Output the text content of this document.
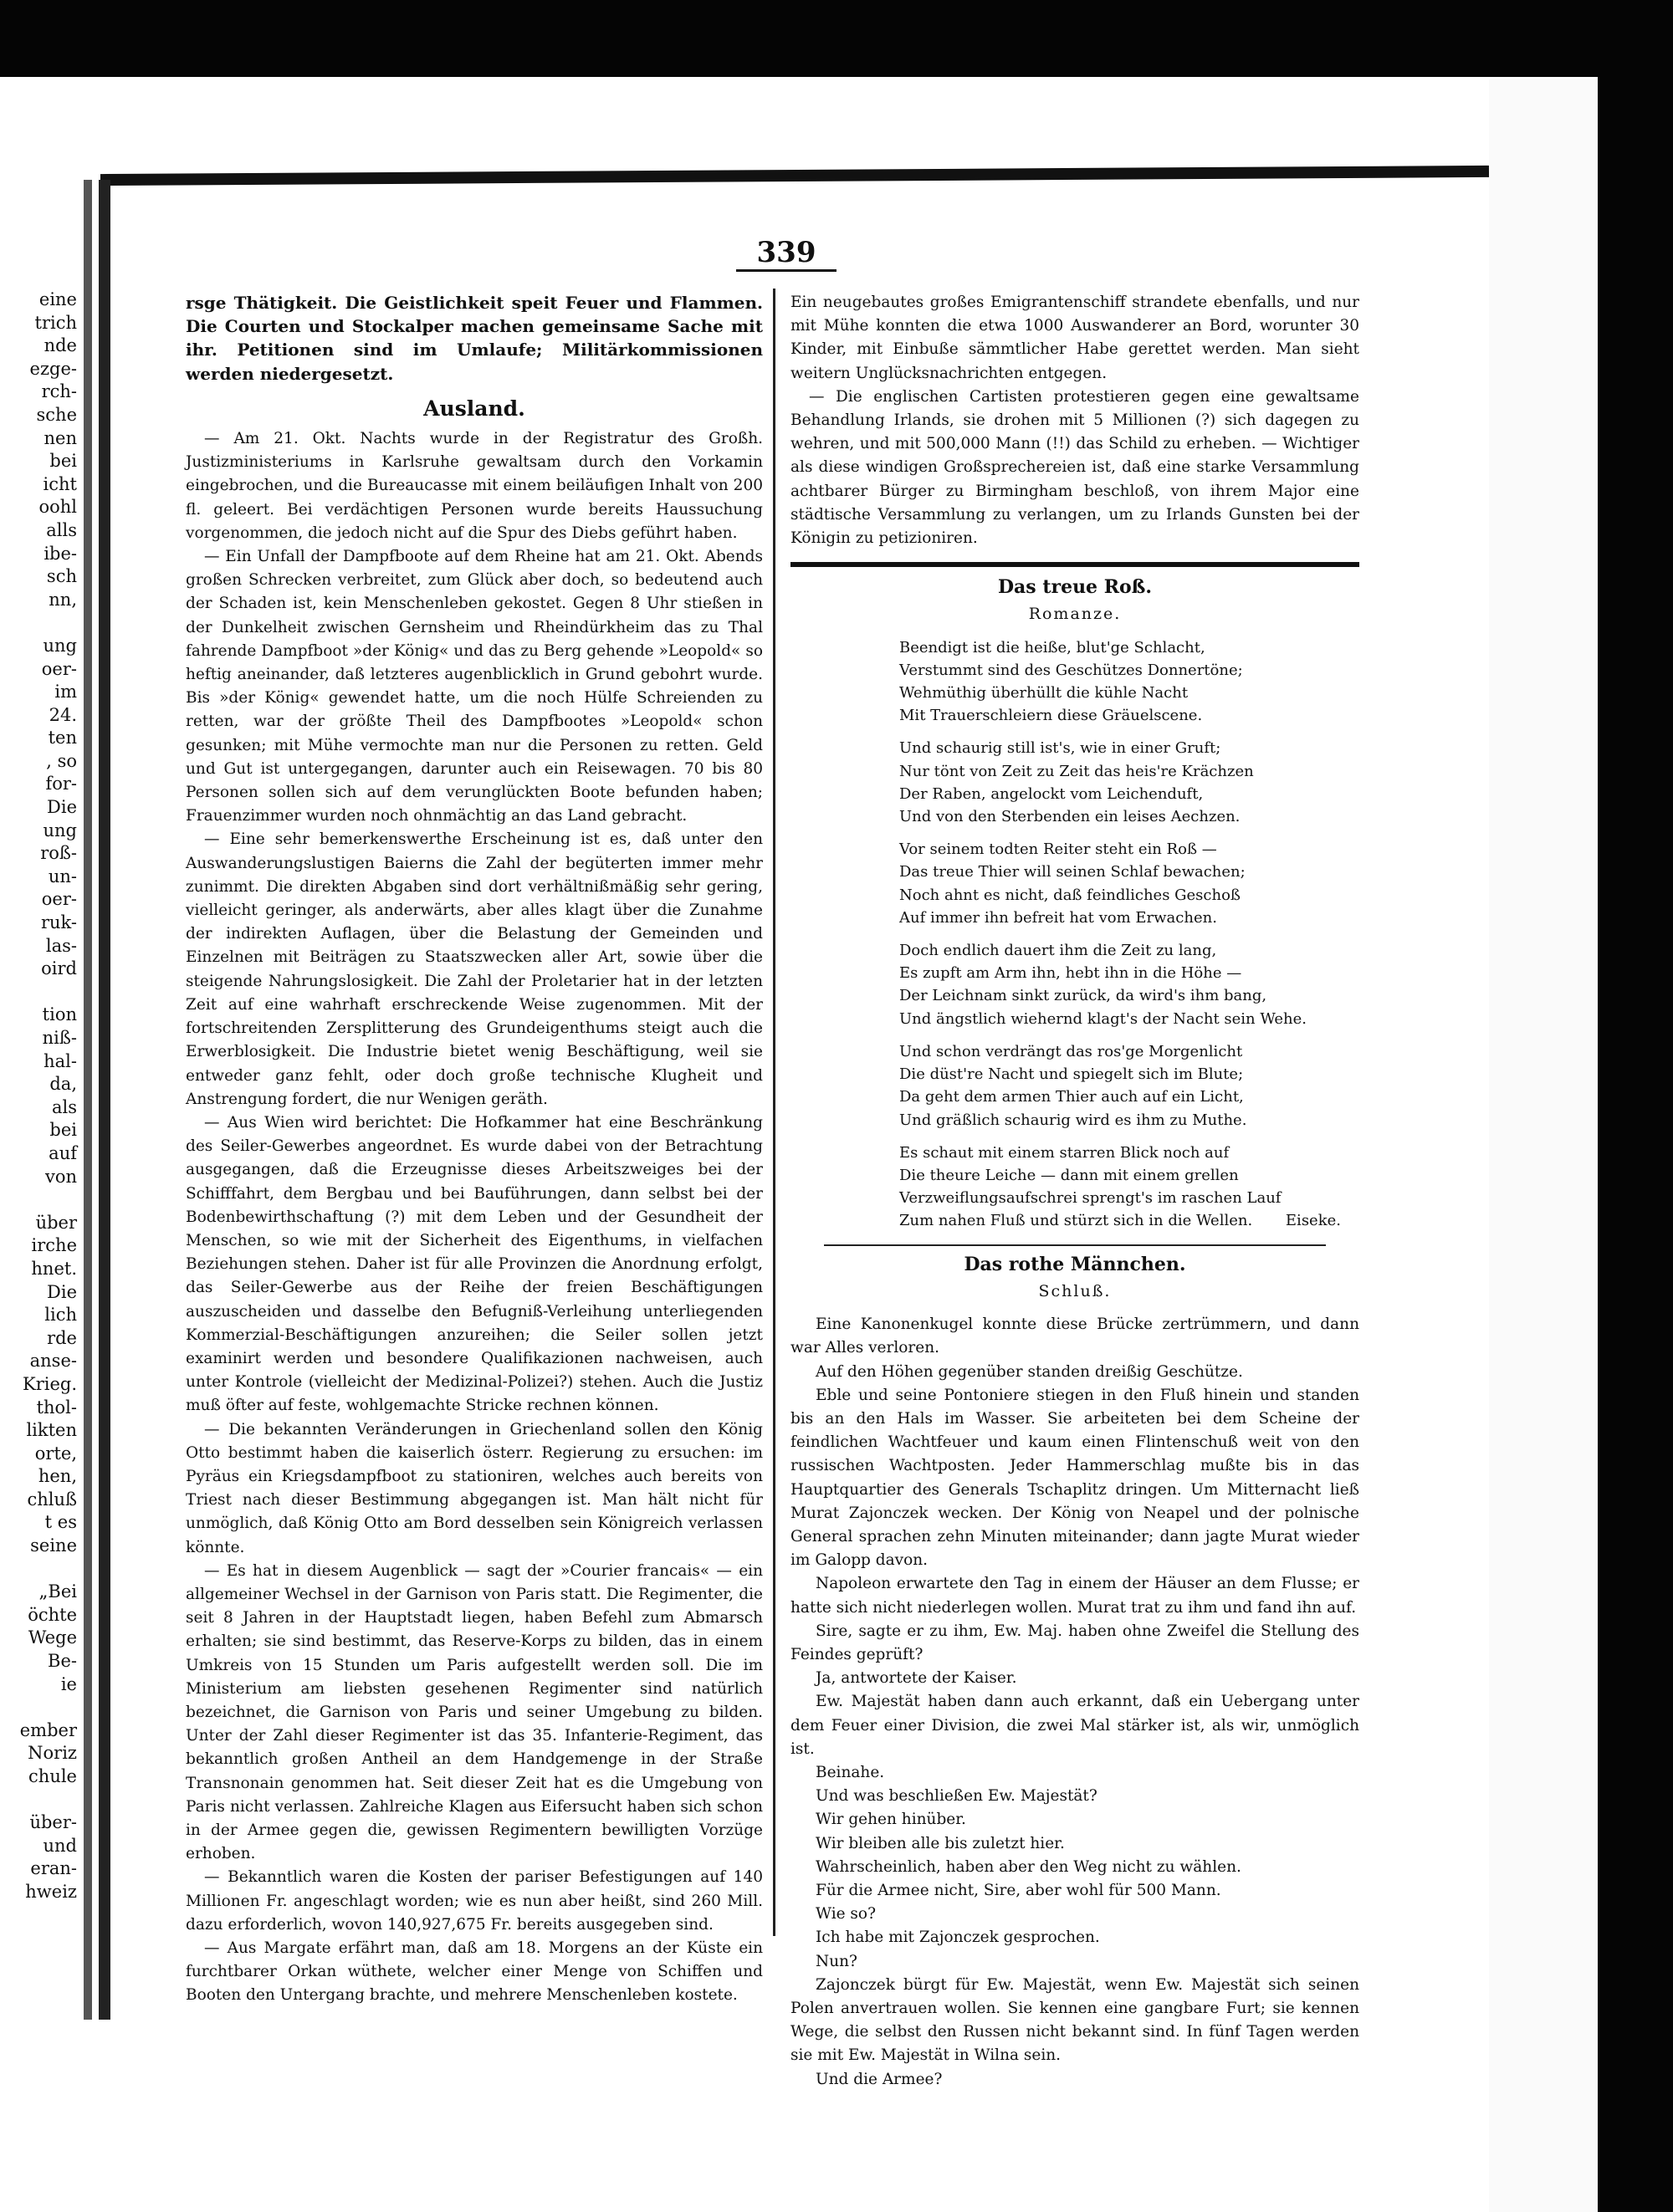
eine
trich
nde
ezge-
rch-
sche
nen
bei
icht
oohl
alls
ibe-
sch
nn,

ung
oer-
im
24.
ten
, so
for-
Die
ung
roß-
un-
oer-
ruk-
las-
oird

tion
niß-
hal-
da,
als
bei
auf
von

über
irche
hnet.
Die
lich
rde
anse-
Krieg.
thol-
likten
orte,
hen,
chluß
t es
seine

„Bei
öchte
Wege
Be-
ie

ember
Noriz
chule

über-
und
eran-
hweiz
339

rsge Thätigkeit. Die Geistlichkeit speit Feuer und Flammen. Die Courten und Stockalper machen gemeinsame Sache mit ihr. Petitionen sind im Umlaufe; Militärkommissionen werden niedergesetzt.

Ausland.

— Am 21. Okt. Nachts wurde in der Registratur des Großh. Justizministeriums in Karlsruhe gewaltsam durch den Vorkamin eingebrochen, und die Bureaucasse mit einem beiläufigen Inhalt von 200 fl. geleert. Bei verdächtigen Personen wurde bereits Haussuchung vorgenommen, die jedoch nicht auf die Spur des Diebs geführt haben.

— Ein Unfall der Dampfboote auf dem Rheine hat am 21. Okt. Abends großen Schrecken verbreitet, zum Glück aber doch, so bedeutend auch der Schaden ist, kein Menschenleben gekostet. Gegen 8 Uhr stießen in der Dunkelheit zwischen Gernsheim und Rheindürkheim das zu Thal fahrende Dampfboot »der König« und das zu Berg gehende »Leopold« so heftig aneinander, daß letzteres augenblicklich in Grund gebohrt wurde. Bis »der König« gewendet hatte, um die noch Hülfe Schreienden zu retten, war der größte Theil des Dampfbootes »Leopold« schon gesunken; mit Mühe vermochte man nur die Personen zu retten. Geld und Gut ist untergegangen, darunter auch ein Reisewagen. 70 bis 80 Personen sollen sich auf dem verunglückten Boote befunden haben; Frauenzimmer wurden noch ohnmächtig an das Land gebracht.

— Eine sehr bemerkenswerthe Erscheinung ist es, daß unter den Auswanderungslustigen Baierns die Zahl der begüterten immer mehr zunimmt. Die direkten Abgaben sind dort verhältnißmäßig sehr gering, vielleicht geringer, als anderwärts, aber alles klagt über die Zunahme der indirekten Auflagen, über die Belastung der Gemeinden und Einzelnen mit Beiträgen zu Staatszwecken aller Art, sowie über die steigende Nahrungslosigkeit. Die Zahl der Proletarier hat in der letzten Zeit auf eine wahrhaft erschreckende Weise zugenommen. Mit der fortschreitenden Zersplitterung des Grundeigenthums steigt auch die Erwerblosigkeit. Die Industrie bietet wenig Beschäftigung, weil sie entweder ganz fehlt, oder doch große technische Klugheit und Anstrengung fordert, die nur Wenigen geräth.

— Aus Wien wird berichtet: Die Hofkammer hat eine Beschränkung des Seiler-Gewerbes angeordnet. Es wurde dabei von der Betrachtung ausgegangen, daß die Erzeugnisse dieses Arbeitszweiges bei der Schifffahrt, dem Bergbau und bei Bauführungen, dann selbst bei der Bodenbewirthschaftung (?) mit dem Leben und der Gesundheit der Menschen, so wie mit der Sicherheit des Eigenthums, in vielfachen Beziehungen stehen. Daher ist für alle Provinzen die Anordnung erfolgt, das Seiler-Gewerbe aus der Reihe der freien Beschäftigungen auszuscheiden und dasselbe den Befugniß-Verleihung unterliegenden Kommerzial-Beschäftigungen anzureihen; die Seiler sollen jetzt examinirt werden und besondere Qualifikazionen nachweisen, auch unter Kontrole (vielleicht der Medizinal-Polizei?) stehen. Auch die Justiz muß öfter auf feste, wohlgemachte Stricke rechnen können.

— Die bekannten Veränderungen in Griechenland sollen den König Otto bestimmt haben die kaiserlich österr. Regierung zu ersuchen: im Pyräus ein Kriegsdampfboot zu stationiren, welches auch bereits von Triest nach dieser Bestimmung abgegangen ist. Man hält nicht für unmöglich, daß König Otto am Bord desselben sein Königreich verlassen könnte.

— Es hat in diesem Augenblick — sagt der »Courier francais« — ein allgemeiner Wechsel in der Garnison von Paris statt. Die Regimenter, die seit 8 Jahren in der Hauptstadt liegen, haben Befehl zum Abmarsch erhalten; sie sind bestimmt, das Reserve-Korps zu bilden, das in einem Umkreis von 15 Stunden um Paris aufgestellt werden soll. Die im Ministerium am liebsten gesehenen Regimenter sind natürlich bezeichnet, die Garnison von Paris und seiner Umgebung zu bilden. Unter der Zahl dieser Regimenter ist das 35. Infanterie-Regiment, das bekanntlich großen Antheil an dem Handgemenge in der Straße Transnonain genommen hat. Seit dieser Zeit hat es die Umgebung von Paris nicht verlassen. Zahlreiche Klagen aus Eifersucht haben sich schon in der Armee gegen die, gewissen Regimentern bewilligten Vorzüge erhoben.

— Bekanntlich waren die Kosten der pariser Befestigungen auf 140 Millionen Fr. angeschlagt worden; wie es nun aber heißt, sind 260 Mill. dazu erforderlich, wovon 140,927,675 Fr. bereits ausgegeben sind.

— Aus Margate erfährt man, daß am 18. Morgens an der Küste ein furchtbarer Orkan wüthete, welcher einer Menge von Schiffen und Booten den Untergang brachte, und mehrere Menschenleben kostete.

Ein neugebautes großes Emigrantenschiff strandete ebenfalls, und nur mit Mühe konnten die etwa 1000 Auswanderer an Bord, worunter 30 Kinder, mit Einbuße sämmtlicher Habe gerettet werden. Man sieht weitern Unglücksnachrichten entgegen.

— Die englischen Cartisten protestieren gegen eine gewaltsame Behandlung Irlands, sie drohen mit 5 Millionen (?) sich dagegen zu wehren, und mit 500,000 Mann (!!) das Schild zu erheben. — Wichtiger als diese windigen Großsprechereien ist, daß eine starke Versammlung achtbarer Bürger zu Birmingham beschloß, von ihrem Major eine städtische Versammlung zu verlangen, um zu Irlands Gunsten bei der Königin zu petizioniren.

Das treue Roß.
Romanze.
Beendigt ist die heiße, blut'ge Schlacht,
Verstummt sind des Geschützes Donnertöne;
Wehmüthig überhüllt die kühle Nacht
Mit Trauerschleiern diese Gräuelscene.
Und schaurig still ist's, wie in einer Gruft;
Nur tönt von Zeit zu Zeit das heis're Krächzen
Der Raben, angelockt vom Leichenduft,
Und von den Sterbenden ein leises Aechzen.
Vor seinem todten Reiter steht ein Roß —
Das treue Thier will seinen Schlaf bewachen;
Noch ahnt es nicht, daß feindliches Geschoß
Auf immer ihn befreit hat vom Erwachen.
Doch endlich dauert ihm die Zeit zu lang,
Es zupft am Arm ihn, hebt ihn in die Höhe —
Der Leichnam sinkt zurück, da wird's ihm bang,
Und ängstlich wiehernd klagt's der Nacht sein Wehe.
Und schon verdrängt das ros'ge Morgenlicht
Die düst're Nacht und spiegelt sich im Blute;
Da geht dem armen Thier auch auf ein Licht,
Und gräßlich schaurig wird es ihm zu Muthe.
Es schaut mit einem starren Blick noch auf
Die theure Leiche — dann mit einem grellen
Verzweiflungsaufschrei sprengt's im raschen Lauf
Zum nahen Fluß und stürzt sich in die Wellen.	Eiseke.
Das rothe Männchen.
Schluß.

Eine Kanonenkugel konnte diese Brücke zertrümmern, und dann war Alles verloren.

Auf den Höhen gegenüber standen dreißig Geschütze.

Eble und seine Pontoniere stiegen in den Fluß hinein und standen bis an den Hals im Wasser. Sie arbeiteten bei dem Scheine der feindlichen Wachtfeuer und kaum einen Flintenschuß weit von den russischen Wachtposten. Jeder Hammerschlag mußte bis in das Hauptquartier des Generals Tschaplitz dringen. Um Mitternacht ließ Murat Zajonczek wecken. Der König von Neapel und der polnische General sprachen zehn Minuten miteinander; dann jagte Murat wieder im Galopp davon.

Napoleon erwartete den Tag in einem der Häuser an dem Flusse; er hatte sich nicht niederlegen wollen. Murat trat zu ihm und fand ihn auf.

Sire, sagte er zu ihm, Ew. Maj. haben ohne Zweifel die Stellung des Feindes geprüft?

Ja, antwortete der Kaiser.

Ew. Majestät haben dann auch erkannt, daß ein Uebergang unter dem Feuer einer Division, die zwei Mal stärker ist, als wir, unmöglich ist.

Beinahe.

Und was beschließen Ew. Majestät?

Wir gehen hinüber.

Wir bleiben alle bis zuletzt hier.

Wahrscheinlich, haben aber den Weg nicht zu wählen.

Für die Armee nicht, Sire, aber wohl für 500 Mann.

Wie so?

Ich habe mit Zajonczek gesprochen.

Nun?

Zajonczek bürgt für Ew. Majestät, wenn Ew. Majestät sich seinen Polen anvertrauen wollen. Sie kennen eine gangbare Furt; sie kennen Wege, die selbst den Russen nicht bekannt sind. In fünf Tagen werden sie mit Ew. Majestät in Wilna sein.

Und die Armee?
